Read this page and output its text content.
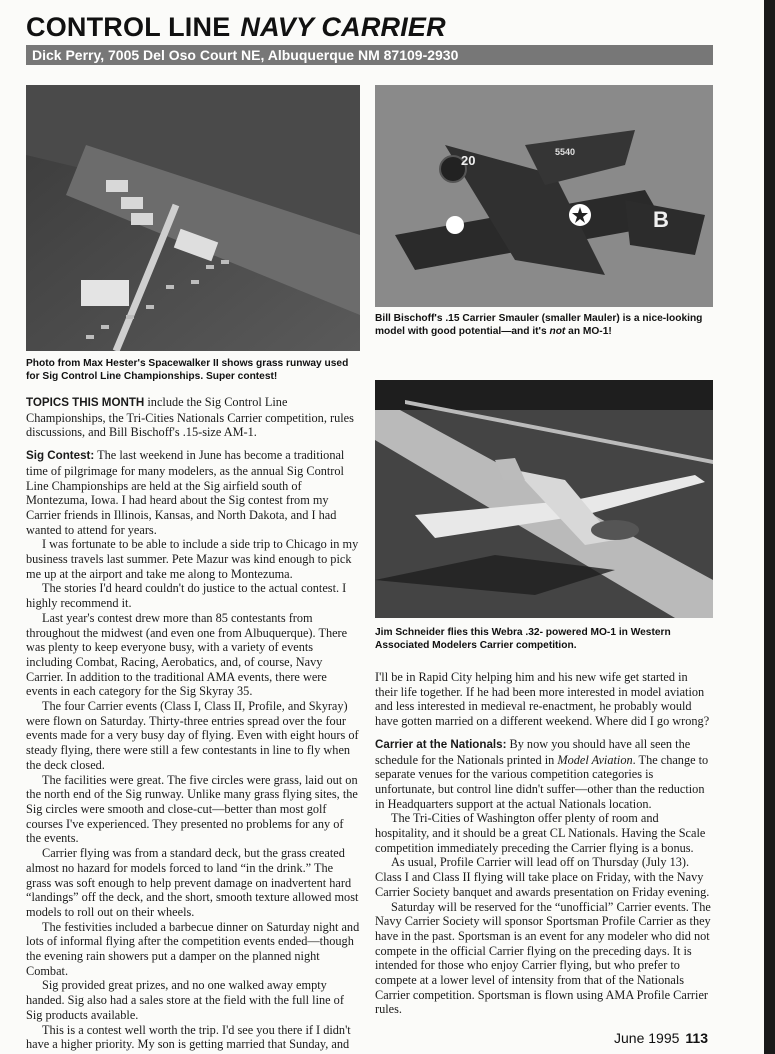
CONTROL LINE NAVY CARRIER
Dick Perry, 7005 Del Oso Court NE, Albuquerque NM 87109-2930
Photo from Max Hester's Spacewalker II shows grass runway used for Sig Control Line Championships. Super contest!
20
B
5540
Bill Bischoff's .15 Carrier Smauler (smaller Mauler) is a nice-looking model with good potential—and it's not an MO-1!
Jim Schneider flies this Webra .32- powered MO-1 in Western Associated Modelers Carrier competition.

TOPICS THIS MONTH include the Sig Control Line Championships, the Tri-Cities Nationals Carrier competition, rules discussions, and Bill Bischoff's .15-size AM-1.

Sig Contest: The last weekend in June has become a traditional time of pilgrimage for many modelers, as the annual Sig Control Line Championships are held at the Sig airfield south of Montezuma, Iowa. I had heard about the Sig contest from my Carrier friends in Illinois, Kansas, and North Dakota, and I had wanted to attend for years.

I was fortunate to be able to include a side trip to Chicago in my business travels last summer. Pete Mazur was kind enough to pick me up at the airport and take me along to Montezuma.

The stories I'd heard couldn't do justice to the actual contest. I highly recommend it.

Last year's contest drew more than 85 contestants from throughout the midwest (and even one from Albuquerque). There was plenty to keep everyone busy, with a variety of events including Combat, Racing, Aerobatics, and, of course, Navy Carrier. In addition to the traditional AMA events, there were events in each category for the Sig Skyray 35.

The four Carrier events (Class I, Class II, Profile, and Skyray) were flown on Saturday. Thirty-three entries spread over the four events made for a very busy day of flying. Even with eight hours of steady flying, there were still a few contestants in line to fly when the deck closed.

The facilities were great. The five circles were grass, laid out on the north end of the Sig runway. Unlike many grass flying sites, the Sig circles were smooth and close-cut—better than most golf courses I've experienced. They presented no problems for any of the events.

Carrier flying was from a standard deck, but the grass created almost no hazard for models forced to land “in the drink.” The grass was soft enough to help prevent damage on inadvertent hard “landings” off the deck, and the short, smooth texture allowed most models to roll out on their wheels.

The festivities included a barbecue dinner on Saturday night and lots of informal flying after the competition events ended—though the evening rain showers put a damper on the planned night Combat.

Sig provided great prizes, and no one walked away empty handed. Sig also had a sales store at the field with the full line of Sig products available.

This is a contest well worth the trip. I'd see you there if I didn't have a higher priority. My son is getting married that Sunday, and

I'll be in Rapid City helping him and his new wife get started in their life together. If he had been more interested in model aviation and less interested in medieval re-enactment, he probably would have gotten married on a different weekend. Where did I go wrong?

Carrier at the Nationals: By now you should have all seen the schedule for the Nationals printed in Model Aviation. The change to separate venues for the various competition categories is unfortunate, but control line didn't suffer—other than the reduction in Headquarters support at the actual Nationals location.

The Tri-Cities of Washington offer plenty of room and hospitality, and it should be a great CL Nationals. Having the Scale competition immediately preceding the Carrier flying is a bonus.

As usual, Profile Carrier will lead off on Thursday (July 13). Class I and Class II flying will take place on Friday, with the Navy Carrier Society banquet and awards presentation on Friday evening.

Saturday will be reserved for the “unofficial” Carrier events. The Navy Carrier Society will sponsor Sportsman Profile Carrier as they have in the past. Sportsman is an event for any modeler who did not compete in the official Carrier flying on the preceding days. It is intended for those who enjoy Carrier flying, but who prefer to compete at a lower level of intensity from that of the Nationals Carrier competition. Sportsman is flown using AMA Profile Carrier rules.

June 1995 113
